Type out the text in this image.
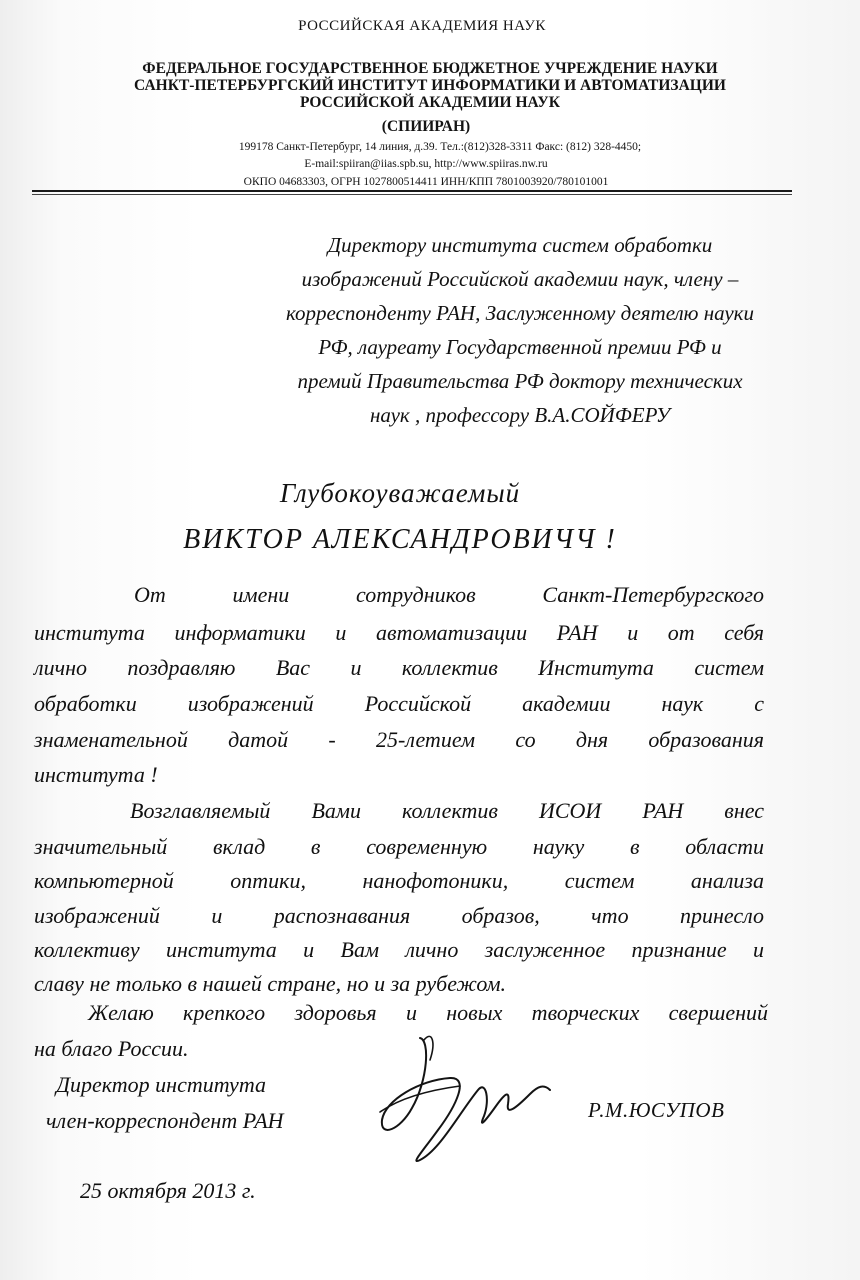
РОССИЙСКАЯ АКАДЕМИЯ НАУК
ФЕДЕРАЛЬНОЕ ГОСУДАРСТВЕННОЕ БЮДЖЕТНОЕ УЧРЕЖДЕНИЕ НАУКИ
САНКТ-ПЕТЕРБУРГСКИЙ ИНСТИТУТ ИНФОРМАТИКИ И АВТОМАТИЗАЦИИ
РОССИЙСКОЙ АКАДЕМИИ НАУК
(СПИИРАН)
199178 Санкт-Петербург, 14 линия, д.39. Тел.:(812)328-3311 Факс: (812) 328-4450;
E-mail:spiiran@iias.spb.su, http://www.spiiras.nw.ru
ОКПО 04683303, ОГРН 1027800514411 ИНН/КПП 7801003920/780101001
Директору института систем обработки
изображений Российской академии наук, члену –
корреспонденту РАН, Заслуженному деятелю науки
РФ, лауреату Государственной премии РФ и
премий Правительства РФ доктору технических
наук , профессору В.А.СОЙФЕРУ
Глубокоуважаемый
ВИКТОР АЛЕКСАНДРОВИЧЧ !
От имени сотрудников Санкт-Петербургского
института информатики и автоматизации РАН и от себя
лично поздравляю Вас и коллектив Института систем
обработки изображений Российской академии наук с
знаменательной датой - 25-летием со дня образования
института !
Возглавляемый Вами коллектив ИСОИ РАН внес
значительный вклад в современную науку в области
компьютерной оптики, нанофотоники, систем анализа
изображений и распознавания образов, что принесло
коллективу института и Вам лично заслуженное признание и
славу не только в нашей стране, но и за рубежом.
Желаю крепкого здоровья и новых творческих свершений
на благо России.
Директор института
член-корреспондент РАН	Р.М.ЮСУПОВ
25 октября 2013 г.
